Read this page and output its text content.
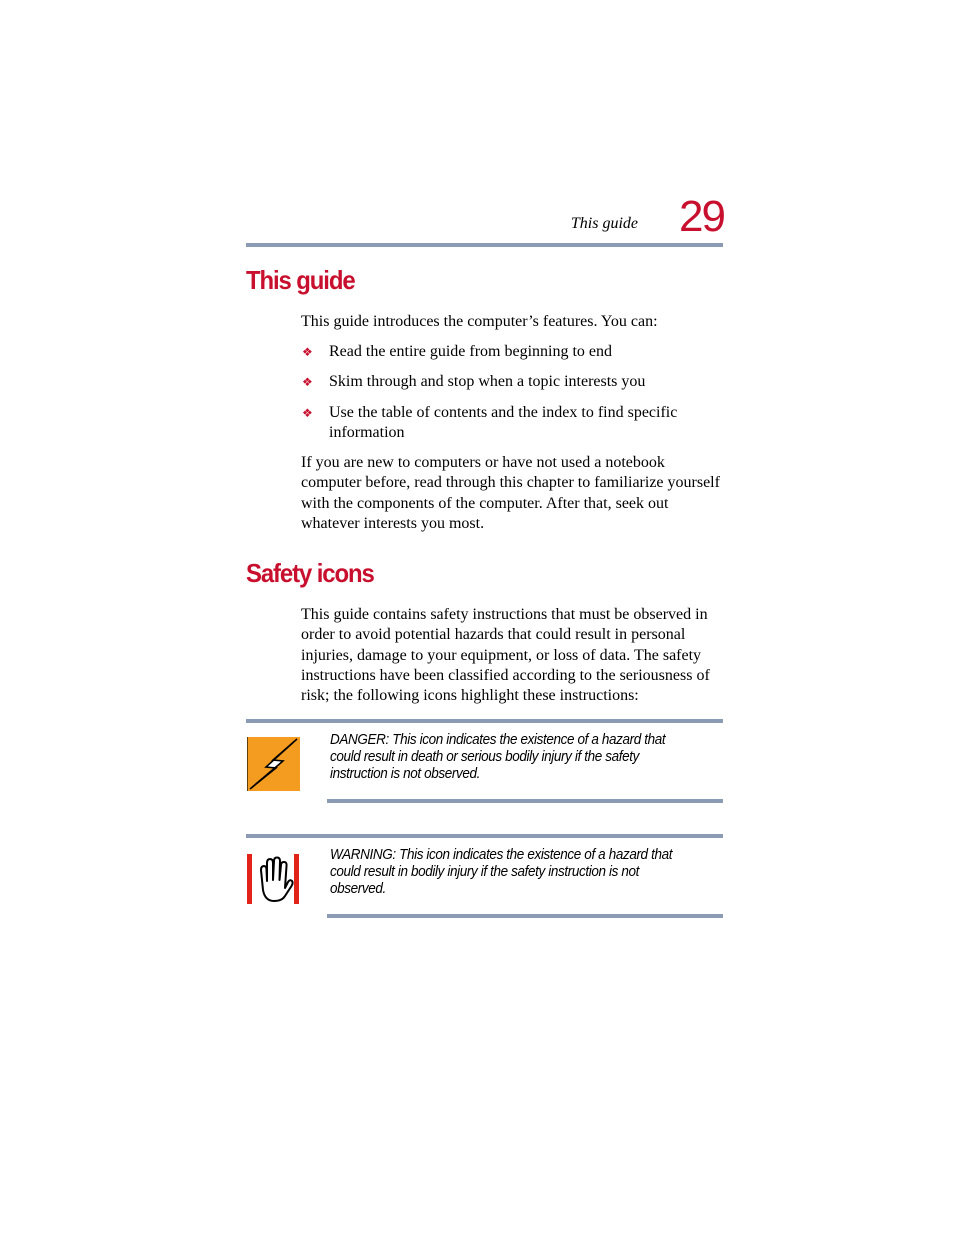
This guide 29
This guide

This guide introduces the computer’s features. You can:

❖ Read the entire guide from beginning to end
❖ Skim through and stop when a topic interests you
❖ Use the table of contents and the index to find specific information

If you are new to computers or have not used a notebook computer before, read through this chapter to familiarize yourself with the components of the computer. After that, seek out whatever interests you most.

Safety icons

This guide contains safety instructions that must be observed in order to avoid potential hazards that could result in personal injuries, damage to your equipment, or loss of data. The safety instructions have been classified according to the seriousness of risk; the following icons highlight these instructions:

DANGER: This icon indicates the existence of a hazard that could result in death or serious bodily injury if the safety instruction is not observed.
WARNING: This icon indicates the existence of a hazard that could result in bodily injury if the safety instruction is not observed.
